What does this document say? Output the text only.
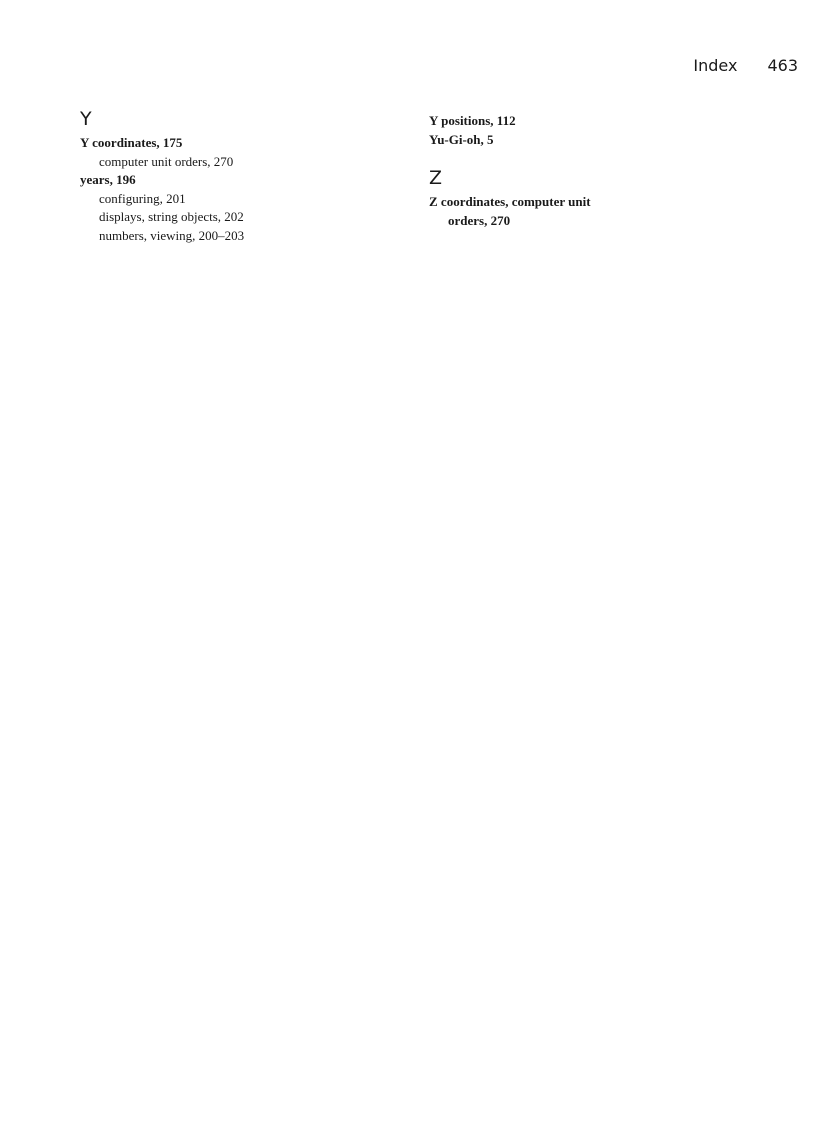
Index 463
Y

Y coordinates, 175

computer unit orders, 270

years, 196

configuring, 201

displays, string objects, 202

numbers, viewing, 200–203

Y positions, 112

Yu-Gi-oh, 5

Z

Z coordinates, computer unit

orders, 270
